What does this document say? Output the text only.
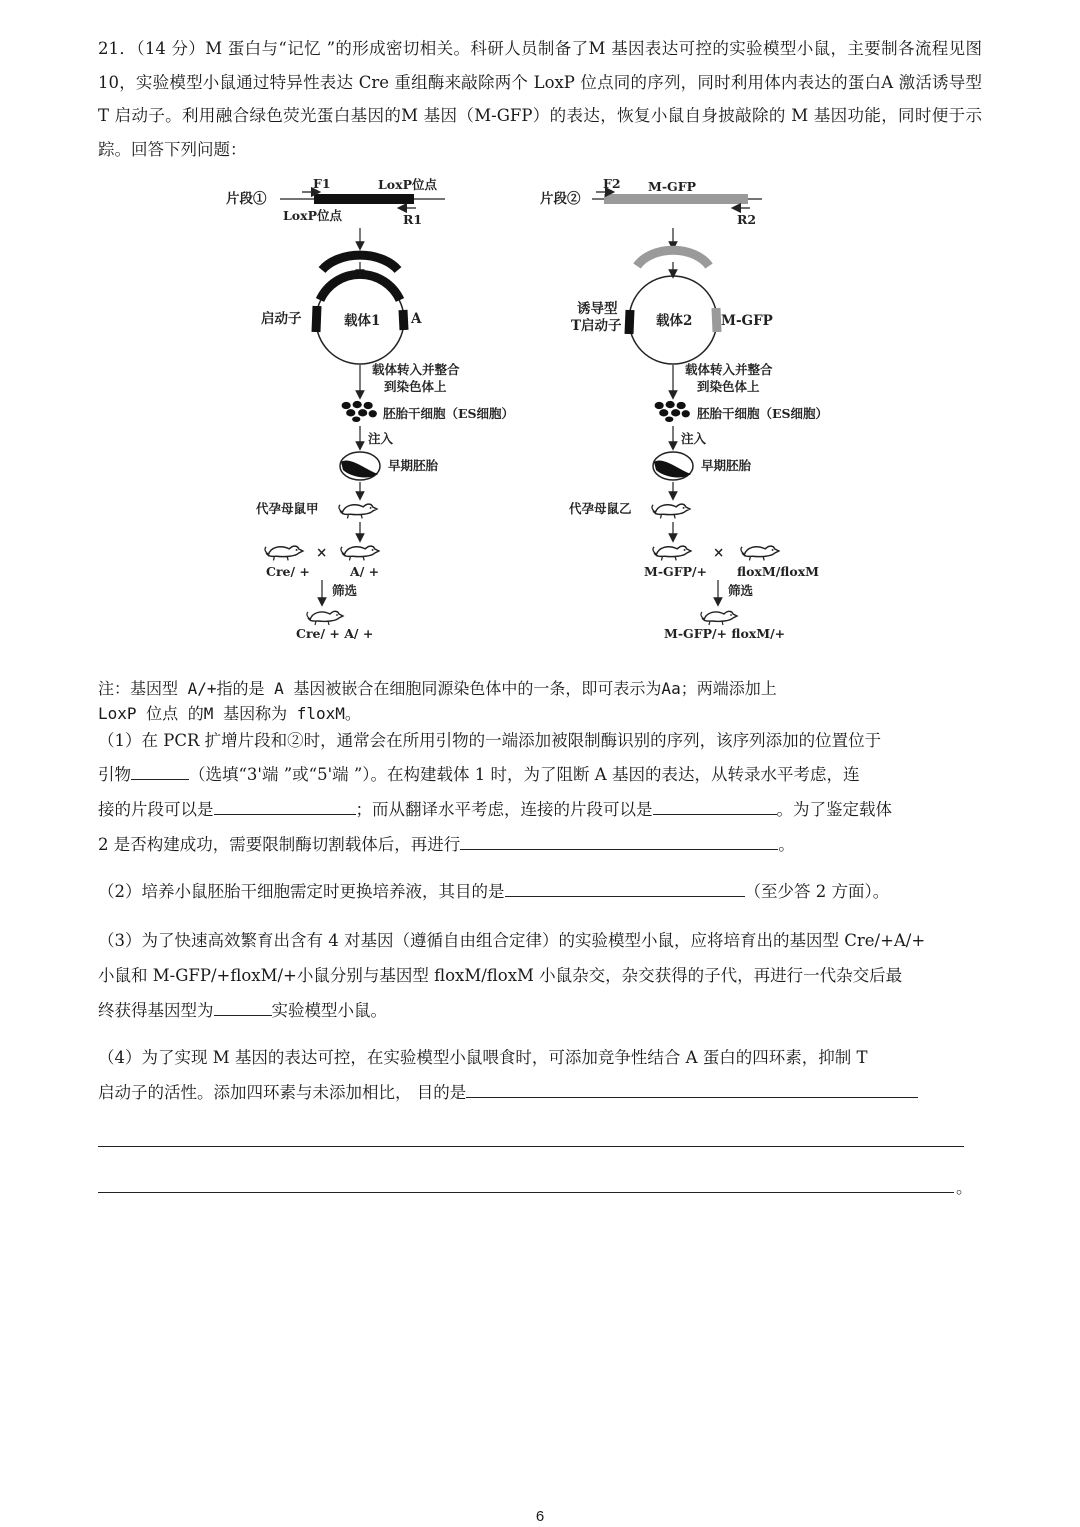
21．（14 分）M 蛋白与“记忆 ”的形成密切相关。科研人员制备了M 基因表达可控的实验模型小鼠，主要制各流程见图 10，实验模型小鼠通过特异性表达 Cre 重组酶来敲除两个 LoxP 位点同的序列，同时利用体内表达的蛋白A 激活诱导型 T 启动子。利用融合绿色荧光蛋白基因的M 基因（M-GFP）的表达，恢复小鼠自身披敲除的 M 基因功能，同时便于示踪。回答下列问题：

片段①
F1	LoxP位点
LoxP位点	R1
载体1
启动子	A
载体转入并整合
到染色体上
胚胎干细胞（ES细胞）
注入
早期胚胎
代孕母鼠甲
×
Cre/ +	A/ +
筛选
Cre/ + A/ +
片段②
F2 M-GFP
R2
载体2
诱导型
T启动子	M-GFP
载体转入并整合
到染色体上
胚胎干细胞（ES细胞）
注入
早期胚胎
代孕母鼠乙
×
M-GFP/+ floxM/floxM
筛选
M-GFP/+ floxM/+

注：基因型 A/+指的是 A 基因被嵌合在细胞同源染色体中的一条，即可表示为Aa；两端添加上

LoxP 位点 的M 基因称为 floxM。

（1）在 PCR 扩增片段和②时，通常会在所用引物的一端添加被限制酶识别的序列，该序列添加的位置位于

引物	（选填“3'端 ”或“5'端 ”）。在构建载体 1 时，为了阻断 A 基因的表达，从转录水平考虑，连

接的片段可以是	；而从翻译水平考虑，连接的片段可以是	。为了鉴定载体

2 是否构建成功，需要限制酶切割载体后，再进行	。

（2）培养小鼠胚胎干细胞需定时更换培养液，其目的是	（至少答 2 方面）。

（3）为了快速高效繁育出含有 4 对基因（遵循自由组合定律）的实验模型小鼠，应将培育出的基因型 Cre/+A/+

小鼠和 M-GFP/+floxM/+小鼠分别与基因型 floxM/floxM 小鼠杂交，杂交获得的子代，再进行一代杂交后最

终获得基因型为	实验模型小鼠。

（4）为了实现 M 基因的表达可控，在实验模型小鼠喂食时，可添加竞争性结合 A 蛋白的四环素，抑制 T

启动子的活性。添加四环素与未添加相比， 目的是

。
6
